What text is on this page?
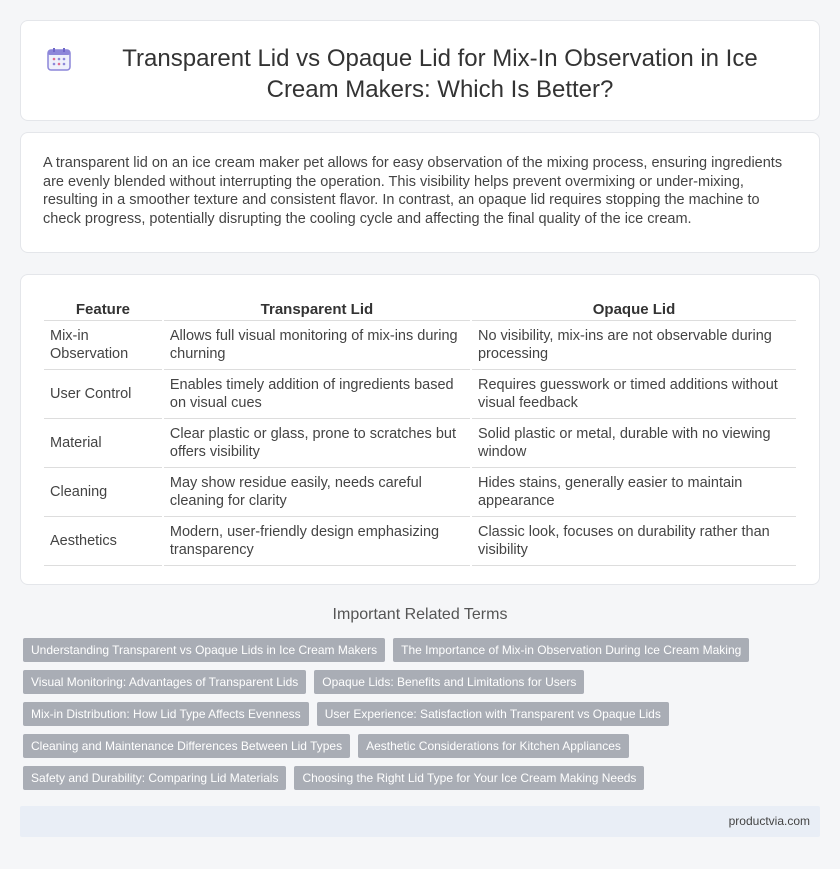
Transparent Lid vs Opaque Lid for Mix-In Observation in Ice Cream Makers: Which Is Better?

A transparent lid on an ice cream maker pet allows for easy observation of the mixing process, ensuring ingredients are evenly blended without interrupting the operation. This visibility helps prevent overmixing or under-mixing, resulting in a smoother texture and consistent flavor. In contrast, an opaque lid requires stopping the machine to check progress, potentially disrupting the cooling cycle and affecting the final quality of the ice cream.

Feature	Transparent Lid	Opaque Lid
Mix-in Observation	Allows full visual monitoring of mix-ins during churning	No visibility, mix-ins are not observable during processing
User Control	Enables timely addition of ingredients based on visual cues	Requires guesswork or timed additions without visual feedback
Material	Clear plastic or glass, prone to scratches but offers visibility	Solid plastic or metal, durable with no viewing window
Cleaning	May show residue easily, needs careful cleaning for clarity	Hides stains, generally easier to maintain appearance
Aesthetics	Modern, user-friendly design emphasizing transparency	Classic look, focuses on durability rather than visibility
Important Related Terms
Understanding Transparent vs Opaque Lids in Ice Cream Makers	The Importance of Mix-in Observation During Ice Cream Making
Visual Monitoring: Advantages of Transparent Lids	Opaque Lids: Benefits and Limitations for Users
Mix-in Distribution: How Lid Type Affects Evenness	User Experience: Satisfaction with Transparent vs Opaque Lids
Cleaning and Maintenance Differences Between Lid Types	Aesthetic Considerations for Kitchen Appliances
Safety and Durability: Comparing Lid Materials	Choosing the Right Lid Type for Your Ice Cream Making Needs
productvia.com
